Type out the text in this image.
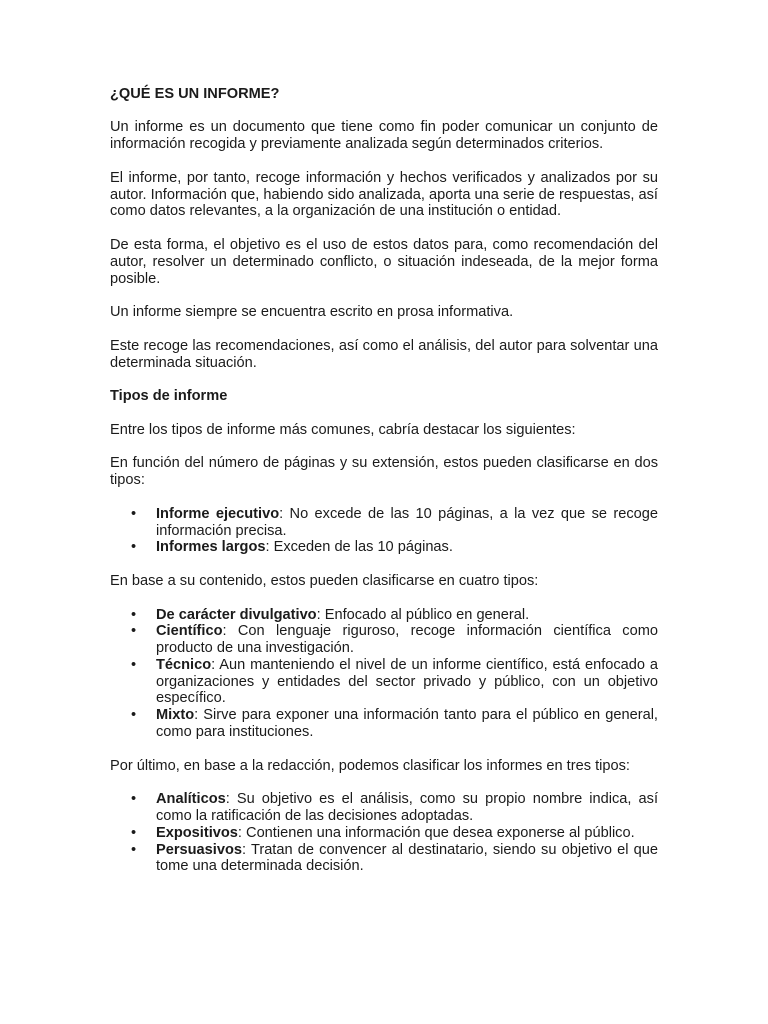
¿QUÉ ES UN INFORME?

Un informe es un documento que tiene como fin poder comunicar un conjunto de información recogida y previamente analizada según determinados criterios.

El informe, por tanto, recoge información y hechos verificados y analizados por su autor. Información que, habiendo sido analizada, aporta una serie de respuestas, así como datos relevantes, a la organización de una institución o entidad.

De esta forma, el objetivo es el uso de estos datos para, como recomendación del autor, resolver un determinado conflicto, o situación indeseada, de la mejor forma posible.

Un informe siempre se encuentra escrito en prosa informativa.

Este recoge las recomendaciones, así como el análisis, del autor para solventar una determinada situación.

Tipos de informe

Entre los tipos de informe más comunes, cabría destacar los siguientes:

En función del número de páginas y su extensión, estos pueden clasificarse en dos tipos:

• Informe ejecutivo: No excede de las 10 páginas, a la vez que se recoge información precisa.
• Informes largos: Exceden de las 10 páginas.

En base a su contenido, estos pueden clasificarse en cuatro tipos:

• De carácter divulgativo: Enfocado al público en general.
• Científico: Con lenguaje riguroso, recoge información científica como producto de una investigación.
• Técnico: Aun manteniendo el nivel de un informe científico, está enfocado a organizaciones y entidades del sector privado y público, con un objetivo específico.
• Mixto: Sirve para exponer una información tanto para el público en general, como para instituciones.

Por último, en base a la redacción, podemos clasificar los informes en tres tipos:

• Analíticos: Su objetivo es el análisis, como su propio nombre indica, así como la ratificación de las decisiones adoptadas.
• Expositivos: Contienen una información que desea exponerse al público.
• Persuasivos: Tratan de convencer al destinatario, siendo su objetivo el que tome una determinada decisión.
